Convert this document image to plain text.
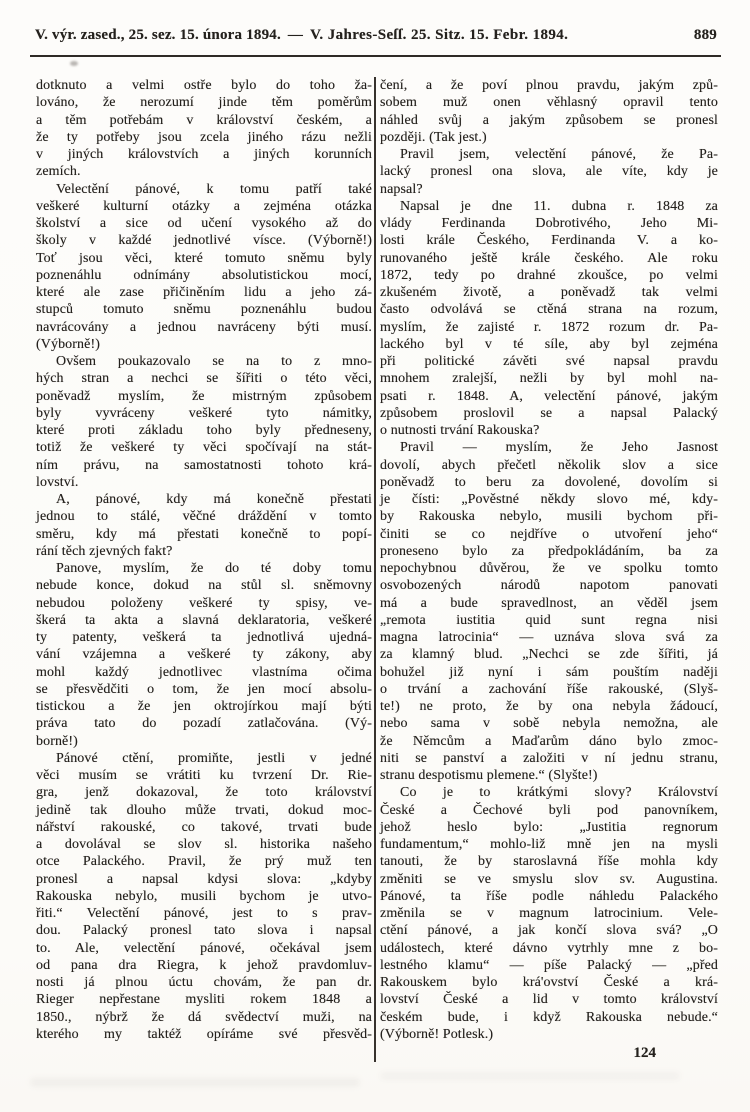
V. výr. zased., 25. sez. 15. února 1894. — V. Jahres-Seſſ. 25. Sitz. 15. Febr. 1894.	889
dotknuto a velmi ostře bylo do toho ža-
lováno, že nerozumí jinde těm poměrům
a těm potřebám v království českém, a
že ty potřeby jsou zcela jiného rázu nežli
v jiných královstvích a jiných korunních
zemích.
Velectění pánové, k tomu patří také
veškeré kulturní otázky a zejména otázka
školství a sice od učení vysokého až do
školy v každé jednotlivé vísce. (Výborně!)
Toť jsou věci, které tomuto sněmu byly
poznenáhlu odnímány absolutistickou mocí,
které ale zase přičiněním lidu a jeho zá-
stupců tomuto sněmu poznenáhlu budou
navrácovány a jednou navráceny býti musí.
(Výborně!)
Ovšem poukazovalo se na to z mno-
hých stran a nechci se šířiti o této věci,
poněvadž myslím, že mistrným způsobem
byly vyvráceny veškeré tyto námitky,
které proti základu toho byly předneseny,
totiž že veškeré ty věci spočívají na stát-
ním právu, na samostatnosti tohoto krá-
lovství.
A, pánové, kdy má konečně přestati
jednou to stálé, věčné dráždění v tomto
směru, kdy má přestati konečně to popí-
rání těch zjevných fakt?
Panove, myslím, že do té doby tomu
nebude konce, dokud na stůl sl. sněmovny
nebudou položeny veškeré ty spisy, ve-
škerá ta akta a slavná deklaratoria, veškeré
ty patenty, veškerá ta jednotlivá ujedná-
vání vzájemna a veškeré ty zákony, aby
mohl každý jednotlivec vlastníma očima
se přesvědčiti o tom, že jen mocí absolu-
tistickou a že jen oktrojírkou mají býti
práva tato do pozadí zatlačována. (Vý-
borně!)
Pánové ctění, promiňte, jestli v jedné
věci musím se vrátiti ku tvrzení Dr. Rie-
gra, jenž dokazoval, že toto království
jedině tak dlouho může trvati, dokud moc-
nářství rakouské, co takové, trvati bude
a dovolával se slov sl. historika našeho
otce Palackého. Pravil, že prý muž ten
pronesl a napsal kdysi slova: „kdyby
Rakouska nebylo, musili bychom je utvo-
řiti.“ Velectění pánové, jest to s prav-
dou. Palacký pronesl tato slova i napsal
to. Ale, velectění pánové, očekával jsem
od pana dra Riegra, k jehož pravdomluv-
nosti já plnou úctu chovám, že pan dr.
Rieger nepřestane mysliti rokem 1848 a
1850., nýbrž že dá svědectví muži, na
kterého my taktéž opíráme své přesvěd-
čení, a že poví plnou pravdu, jakým způ-
sobem muž onen věhlasný opravil tento
náhled svůj a jakým způsobem se pronesl
později. (Tak jest.)
Pravil jsem, velectění pánové, že Pa-
lacký pronesl ona slova, ale víte, kdy je
napsal?
Napsal je dne 11. dubna r. 1848 za
vlády Ferdinanda Dobrotivého, Jeho Mi-
losti krále Českého, Ferdinanda V. a ko-
runovaného ještě krále českého. Ale roku
1872, tedy po drahné zkoušce, po velmi
zkušeném životě, a poněvadž tak velmi
často odvolává se ctěná strana na rozum,
myslím, že zajisté r. 1872 rozum dr. Pa-
lackého byl v té síle, aby byl zejména
při politické závěti své napsal pravdu
mnohem zralejší, nežli by byl mohl na-
psati r. 1848. A, velectění pánové, jakým
způsobem proslovil se a napsal Palacký
o nutnosti trvání Rakouska?
Pravil — myslím, že Jeho Jasnost
dovolí, abych přečetl několik slov a sice
poněvadž to beru za dovolené, dovolím si
je čísti: „Pověstné někdy slovo mé, kdy-
by Rakouska nebylo, musili bychom při-
činiti se co nejdříve o utvoření jeho“
proneseno bylo za předpokládáním, ba za
nepochybnou důvěrou, že ve spolku tomto
osvobozených národů napotom panovati
má a bude spravedlnost, an věděl jsem
„remota iustitia quid sunt regna nisi
magna latrocinia“ — uznáva slova svá za
za klamný blud. „Nechci se zde šířiti, já
bohužel již nyní i sám pouštím naději
o trvání a zachování říše rakouské, (Slyš-
te!) ne proto, že by ona nebyla žádoucí,
nebo sama v sobě nebyla nemožna, ale
že Němcům a Maďarům dáno bylo zmoc-
niti se panství a založiti v ní jednu stranu,
stranu despotismu plemene.“ (Slyšte!)
Co je to krátkými slovy? Království
České a Čechové byli pod panovníkem,
jehož heslo bylo: „Justitia regnorum
fundamentum,“ mohlo-liž mně jen na mysli
tanouti, že by staroslavná říše mohla kdy
změniti se ve smyslu slov sv. Augustina.
Pánové, ta říše podle náhledu Palackého
změnila se v magnum latrocinium. Vele-
ctění pánové, a jak končí slova svá? „O
událostech, které dávno vytrhly mne z bo-
lestného klamu“ — píše Palacký — „před
Rakouskem bylo krá'ovství České a krá-
lovství České a lid v tomto království
českém bude, i když Rakouska nebude.“
(Výborně! Potlesk.)
124
